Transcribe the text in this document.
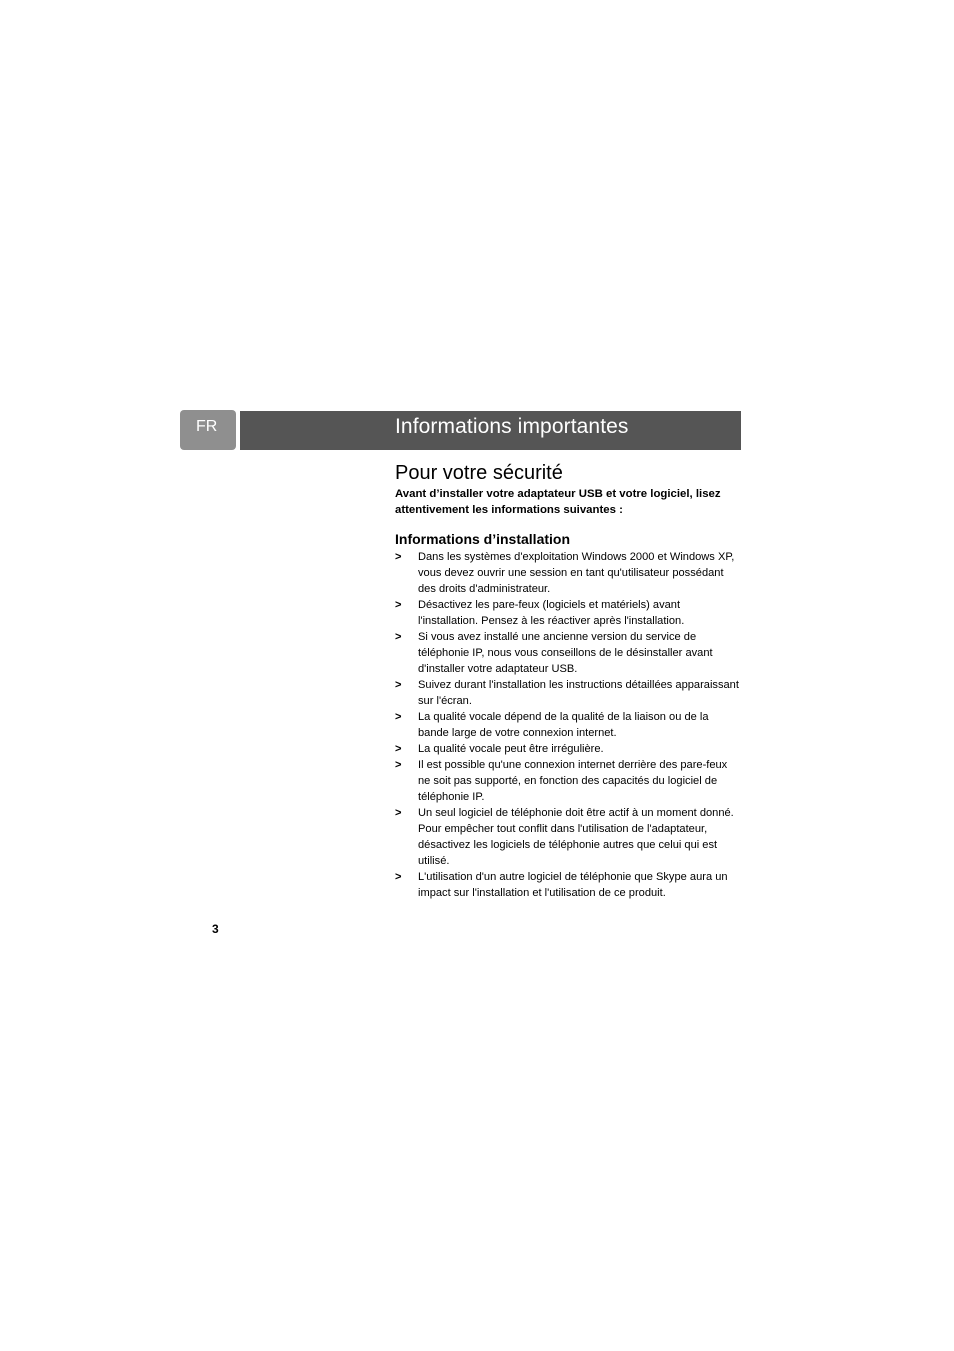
FR	Informations importantes
Pour votre sécurité

Avant d’installer votre adaptateur USB et votre logiciel, lisez attentivement les informations suivantes :

Informations d’installation
> Dans les systèmes d'exploitation Windows 2000 et Windows XP, vous devez ouvrir une session en tant qu'utilisateur possédant des droits d'administrateur.
> Désactivez les pare-feux (logiciels et matériels) avant l'installation. Pensez à les réactiver après l'installation.
> Si vous avez installé une ancienne version du service de téléphonie IP, nous vous conseillons de le désinstaller avant d'installer votre adaptateur USB.
> Suivez durant l'installation les instructions détaillées apparaissant sur l'écran.
> La qualité vocale dépend de la qualité de la liaison ou de la bande large de votre connexion internet.
> La qualité vocale peut être irrégulière.
> Il est possible qu'une connexion internet derrière des pare-feux ne soit pas supporté, en fonction des capacités du logiciel de téléphonie IP.
> Un seul logiciel de téléphonie doit être actif à un moment donné. Pour empêcher tout conflit dans l'utilisation de l'adaptateur, désactivez les logiciels de téléphonie autres que celui qui est utilisé.
> L'utilisation d'un autre logiciel de téléphonie que Skype aura un impact sur l'installation et l'utilisation de ce produit.
3
